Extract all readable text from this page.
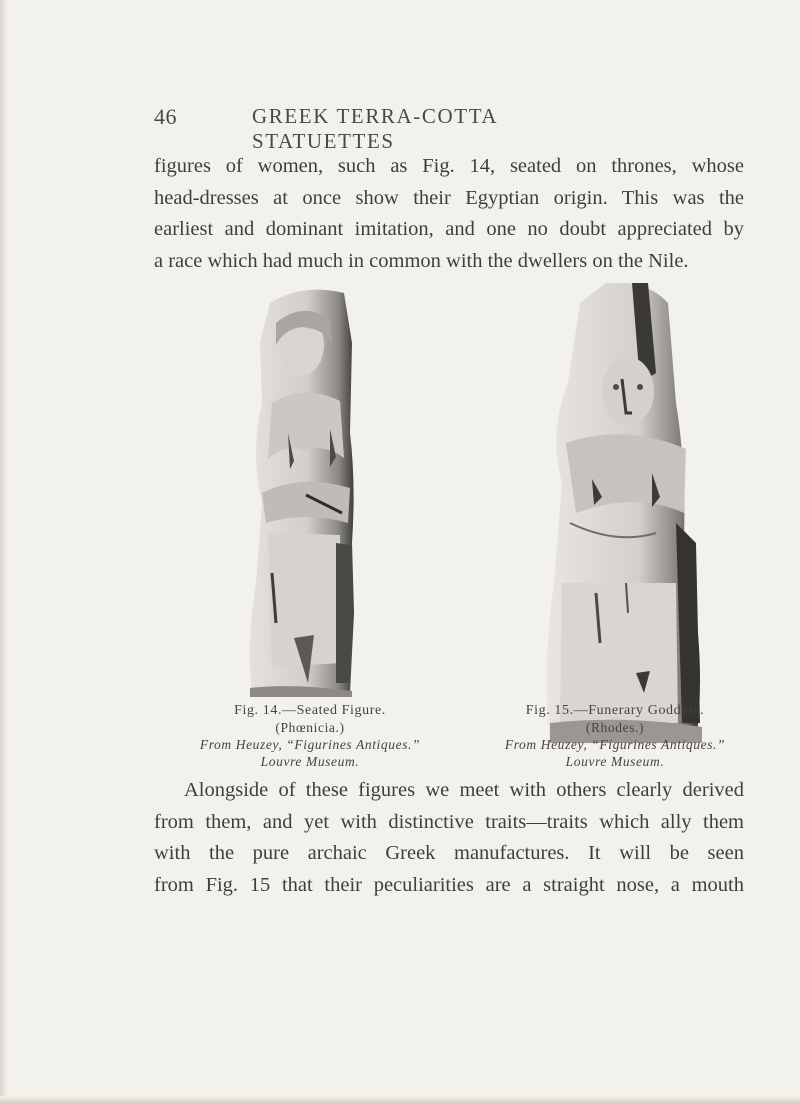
46	GREEK TERRA-COTTA STATUETTES
figures of women, such as Fig. 14, seated on thrones, whose
head-dresses at once show their Egyptian origin. This was the
earliest and dominant imitation, and one no doubt appreciated by
a race which had much in common with the dwellers on the Nile.
Fig. 14.—Seated Figure.
(Phœnicia.)
From Heuzey, “Figurines Antiques.”
Louvre Museum.
Fig. 15.—Funerary Goddess.
(Rhodes.)
From Heuzey, “Figurines Antiques.”
Louvre Museum.
Alongside of these figures we meet with others clearly derived
from them, and yet with distinctive traits—traits which ally them
with the pure archaic Greek manufactures. It will be seen
from Fig. 15 that their peculiarities are a straight nose, a mouth
